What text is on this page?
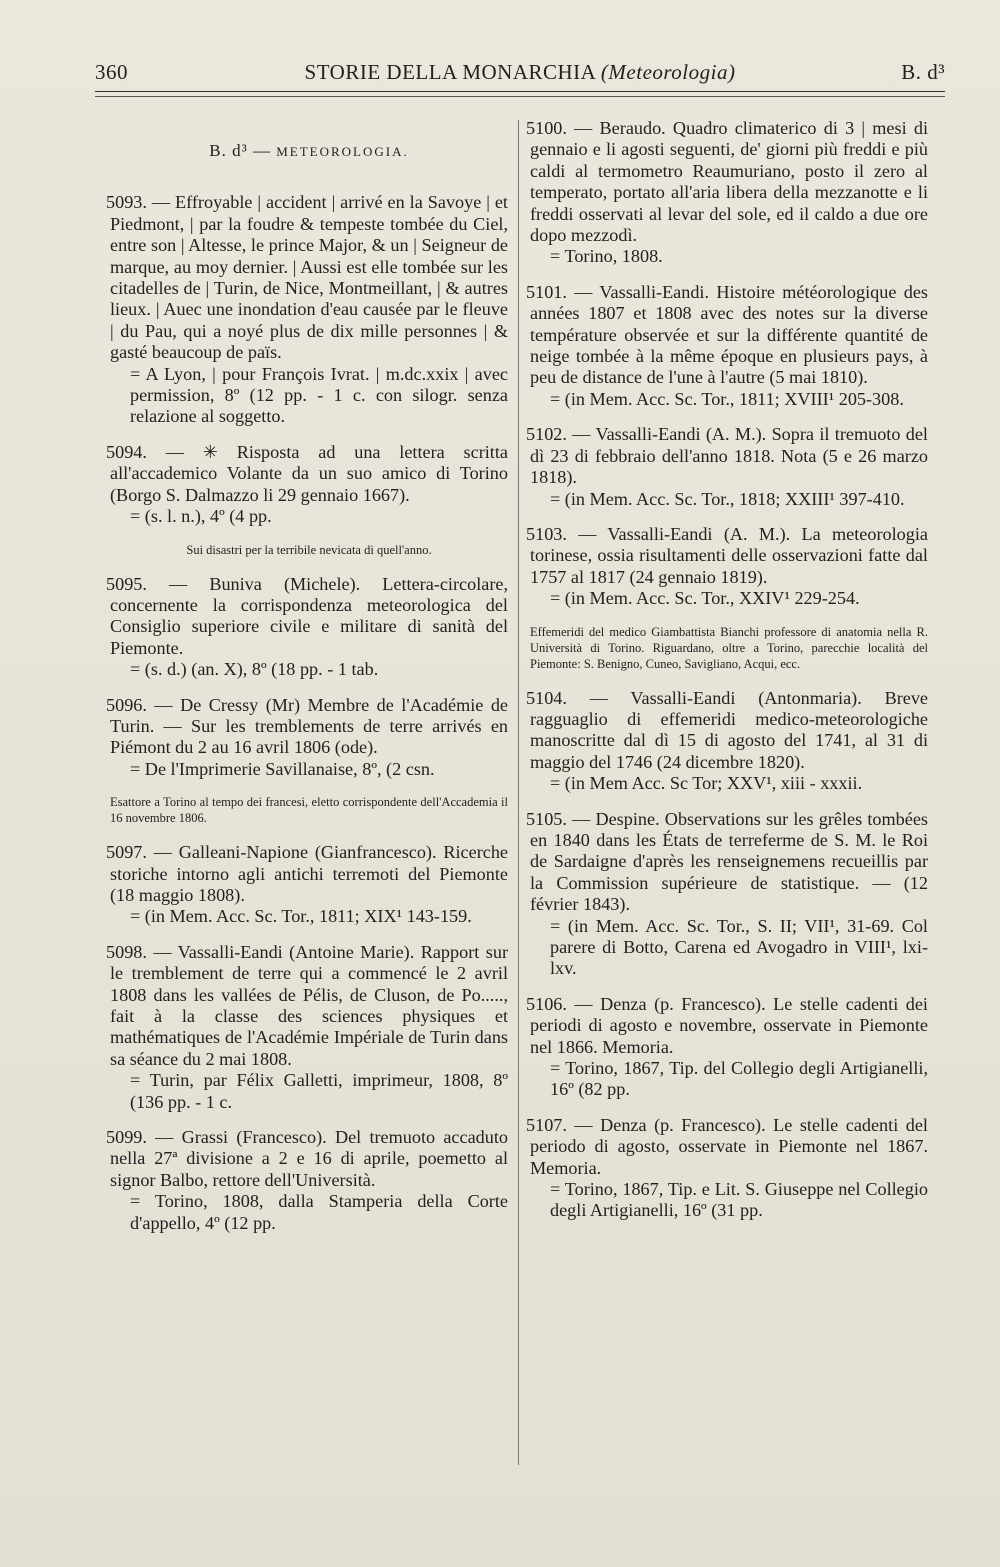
360	STORIE DELLA MONARCHIA (Meteorologia)	B. d³
B. d³ — METEOROLOGIA.

5093. — Effroyable | accident | arrivé en la Savoye | et Piedmont, | par la foudre & tempeste tombée du Ciel, entre son | Altesse, le prince Major, & un | Seigneur de marque, au moy dernier. | Aussi est elle tombée sur les citadelles de | Turin, de Nice, Montmeillant, | & autres lieux. | Auec une inondation d'eau causée par le fleuve | du Pau, qui a noyé plus de dix mille personnes | & gasté beaucoup de païs.

= A Lyon, | pour François Ivrat. | m.dc.xxix | avec permission, 8º (12 pp. - 1 c. con silogr. senza relazione al soggetto.

5094. — ✳ Risposta ad una lettera scritta all'accademico Volante da un suo amico di Torino (Borgo S. Dalmazzo li 29 gennaio 1667).

= (s. l. n.), 4º (4 pp.

Sui disastri per la terribile nevicata di quell'anno.

5095. — Buniva (Michele). Lettera-circolare, concernente la corrispondenza meteorologica del Consiglio superiore civile e militare di sanità del Piemonte.

= (s. d.) (an. X), 8º (18 pp. - 1 tab.

5096. — De Cressy (Mr) Membre de l'Académie de Turin. — Sur les tremblements de terre arrivés en Piémont du 2 au 16 avril 1806 (ode).

= De l'Imprimerie Savillanaise, 8º, (2 csn.

Esattore a Torino al tempo dei francesi, eletto corrispondente dell'Accademia il 16 novembre 1806.

5097. — Galleani-Napione (Gianfrancesco). Ricerche storiche intorno agli antichi terremoti del Piemonte (18 maggio 1808).

= (in Mem. Acc. Sc. Tor., 1811; XIX¹ 143-159.

5098. — Vassalli-Eandi (Antoine Marie). Rapport sur le tremblement de terre qui a commencé le 2 avril 1808 dans les vallées de Pélis, de Cluson, de Po....., fait à la classe des sciences physiques et mathématiques de l'Académie Impériale de Turin dans sa séance du 2 mai 1808.

= Turin, par Félix Galletti, imprimeur, 1808, 8º (136 pp. - 1 c.

5099. — Grassi (Francesco). Del tremuoto accaduto nella 27ª divisione a 2 e 16 di aprile, poemetto al signor Balbo, rettore dell'Università.

= Torino, 1808, dalla Stamperia della Corte d'appello, 4º (12 pp.

5100. — Beraudo. Quadro climaterico di 3 | mesi di gennaio e li agosti seguenti, de' giorni più freddi e più caldi al termometro Reaumuriano, posto il zero al temperato, portato all'aria libera della mezzanotte e li freddi osservati al levar del sole, ed il caldo a due ore dopo mezzodì.

= Torino, 1808.

5101. — Vassalli-Eandi. Histoire météorologique des années 1807 et 1808 avec des notes sur la diverse température observée et sur la différente quantité de neige tombée à la même époque en plusieurs pays, à peu de distance de l'une à l'autre (5 mai 1810).

= (in Mem. Acc. Sc. Tor., 1811; XVIII¹ 205-308.

5102. — Vassalli-Eandi (A. M.). Sopra il tremuoto del dì 23 di febbraio dell'anno 1818. Nota (5 e 26 marzo 1818).

= (in Mem. Acc. Sc. Tor., 1818; XXIII¹ 397-410.

5103. — Vassalli-Eandi (A. M.). La meteorologia torinese, ossia risultamenti delle osservazioni fatte dal 1757 al 1817 (24 gennaio 1819).

= (in Mem. Acc. Sc. Tor., XXIV¹ 229-254.

Effemeridi del medico Giambattista Bianchi professore di anatomia nella R. Università di Torino. Riguardano, oltre a Torino, parecchie località del Piemonte: S. Benigno, Cuneo, Savigliano, Acqui, ecc.

5104. — Vassalli-Eandi (Antonmaria). Breve ragguaglio di effemeridi medico-meteorologiche manoscritte dal dì 15 di agosto del 1741, al 31 di maggio del 1746 (24 dicembre 1820).

= (in Mem Acc. Sc Tor; XXV¹, xiii - xxxii.

5105. — Despine. Observations sur les grêles tombées en 1840 dans les États de terreferme de S. M. le Roi de Sardaigne d'après les renseignemens recueillis par la Commission supérieure de statistique. — (12 février 1843).

= (in Mem. Acc. Sc. Tor., S. II; VII¹, 31-69. Col parere di Botto, Carena ed Avogadro in VIII¹, lxi-lxv.

5106. — Denza (p. Francesco). Le stelle cadenti dei periodi di agosto e novembre, osservate in Piemonte nel 1866. Memoria.

= Torino, 1867, Tip. del Collegio degli Artigianelli, 16º (82 pp.

5107. — Denza (p. Francesco). Le stelle cadenti del periodo di agosto, osservate in Piemonte nel 1867. Memoria.

= Torino, 1867, Tip. e Lit. S. Giuseppe nel Collegio degli Artigianelli, 16º (31 pp.
